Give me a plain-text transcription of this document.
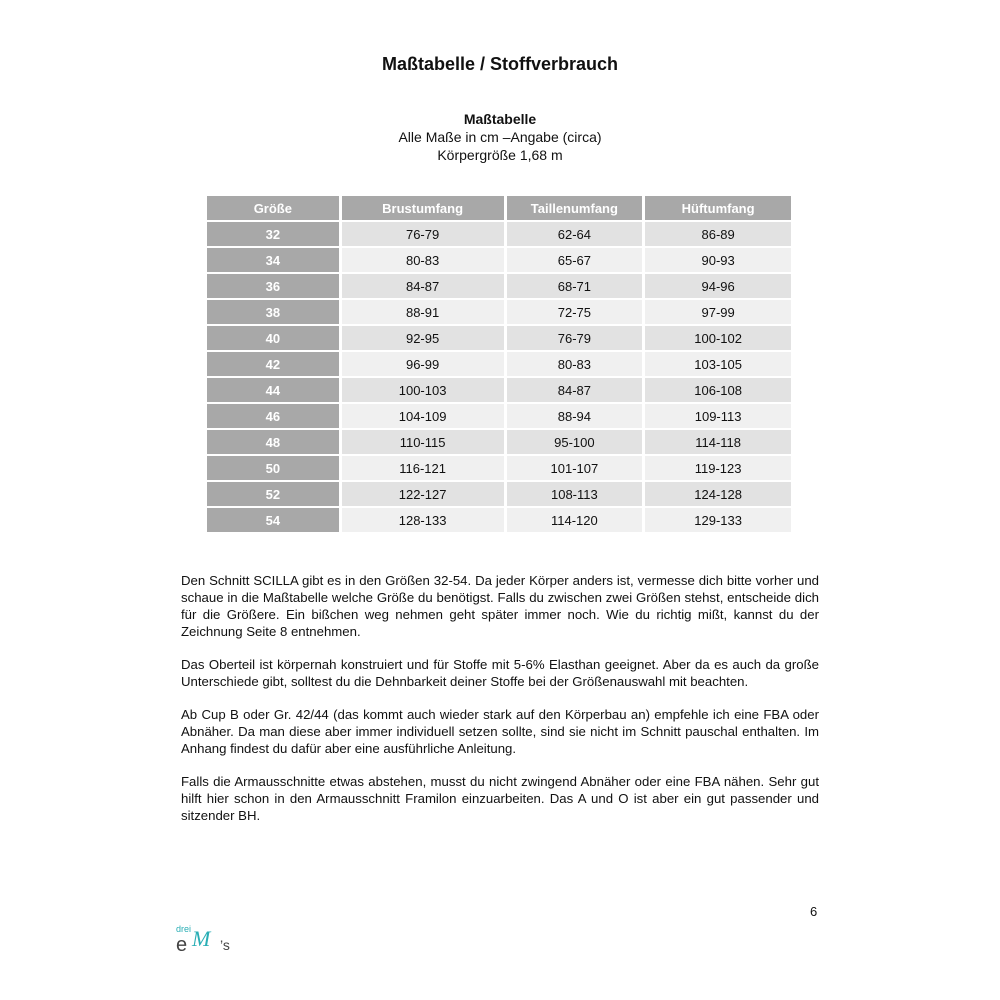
Maßtabelle / Stoffverbrauch
Maßtabelle
Alle Maße in cm –Angabe (circa)
Körpergröße 1,68 m
Größe	Brustumfang	Taillenumfang	Hüftumfang
32	76-79	62-64	86-89
34	80-83	65-67	90-93
36	84-87	68-71	94-96
38	88-91	72-75	97-99
40	92-95	76-79	100-102
42	96-99	80-83	103-105
44	100-103	84-87	106-108
46	104-109	88-94	109-113
48	110-115	95-100	114-118
50	116-121	101-107	119-123
52	122-127	108-113	124-128
54	128-133	114-120	129-133

Den Schnitt SCILLA gibt es in den Größen 32-54. Da jeder Körper anders ist, vermesse dich bitte vorher und schaue in die Maßtabelle welche Größe du benötigst. Falls du zwischen zwei Größen stehst, entscheide dich für die Größere. Ein bißchen weg nehmen geht später immer noch. Wie du richtig mißt, kannst du der Zeichnung Seite 8 entnehmen.

Das Oberteil ist körpernah konstruiert und für Stoffe mit 5-6% Elasthan geeignet. Aber da es auch da große Unterschiede gibt, solltest du die Dehnbarkeit deiner Stoffe bei der Größenauswahl mit beachten.

Ab Cup B oder Gr. 42/44 (das kommt auch wieder stark auf den Körperbau an) empfehle ich eine FBA oder Abnäher. Da man diese aber immer individuell setzen sollte, sind sie nicht im Schnitt pauschal enthalten. Im Anhang findest du dafür aber eine ausführliche Anleitung.

Falls die Armausschnitte etwas abstehen, musst du nicht zwingend Abnäher oder eine FBA nähen. Sehr gut hilft hier schon in den Armausschnitt Framilon einzuarbeiten. Das A und O ist aber ein gut passender und sitzender BH.

drei
e M ’s
6
